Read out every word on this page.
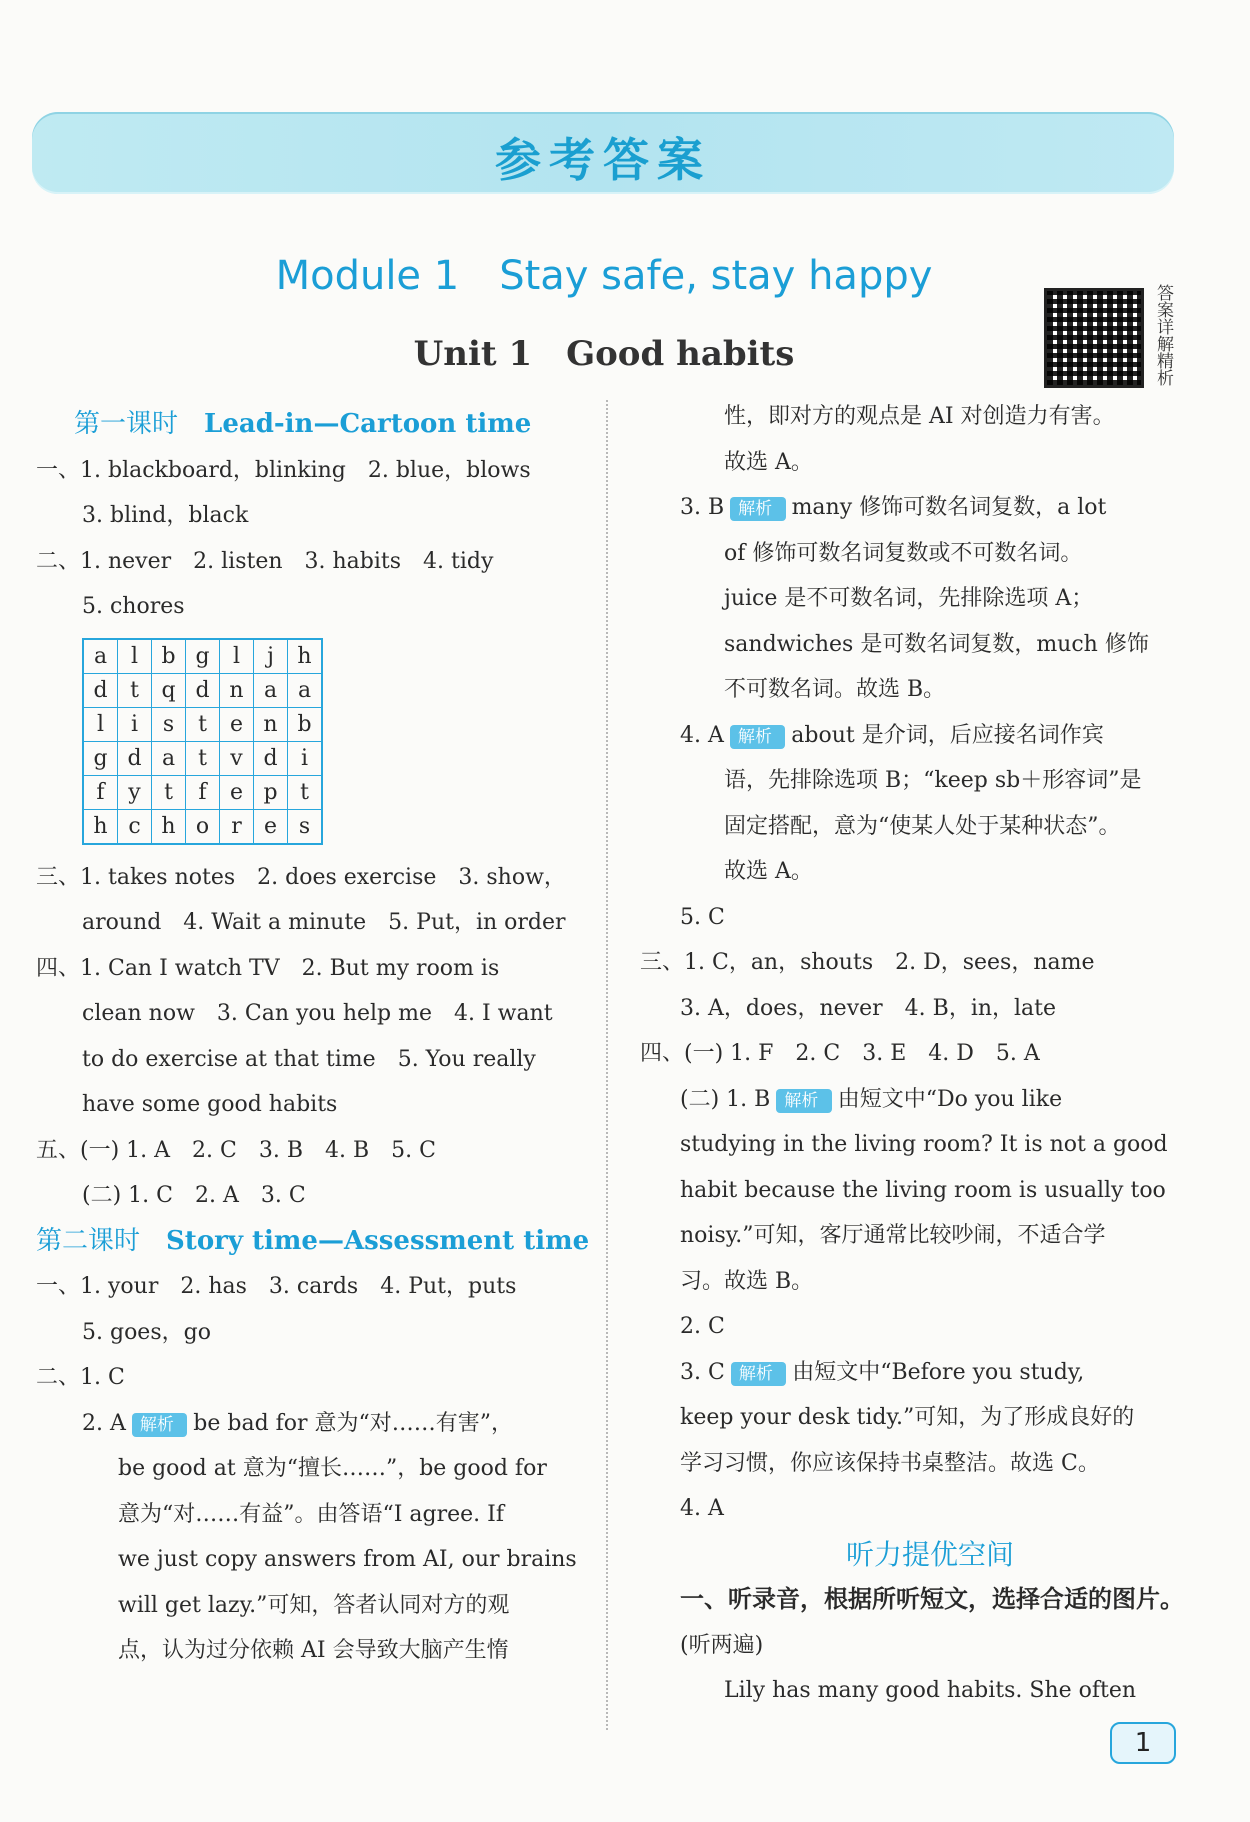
参考答案
Module 1　Stay safe, stay happy
Unit 1　Good habits	答案详解精析
第一课时　 Lead-in—Cartoon time
一、1. blackboard，blinking　2. blue，blows
3. blind，black
二、1. never　2. listen　3. habits　4. tidy
5. chores
a	l	b	g	l	j	h
d	t	q	d	n	a	a
l	i	s	t	e	n	b
g	d	a	t	v	d	i
f	y	t	f	e	p	t
h	c	h	o	r	e	s
三、1. takes notes　2. does exercise　3. show，
around　4. Wait a minute　5. Put，in order
四、1. Can I watch TV　2. But my room is
clean now　3. Can you help me　4. I want
to do exercise at that time　5. You really
have some good habits
五、(一) 1. A　2. C　3. B　4. B　5. C
(二) 1. C　2. A　3. C
第二课时　 Story time—Assessment time
一、1. your　2. has　3. cards　4. Put，puts
5. goes，go
二、1. C
2. A 解析 · be bad for 意为“对……有害”，
be good at 意为“擅长……”，be good for
意为“对……有益”。由答语“I agree. If
we just copy answers from AI, our brains
will get lazy.”可知，答者认同对方的观
点，认为过分依赖 AI 会导致大脑产生惰
性，即对方的观点是 AI 对创造力有害。
故选 A。
3. B 解析 · many 修饰可数名词复数，a lot
of 修饰可数名词复数或不可数名词。
juice 是不可数名词，先排除选项 A；
sandwiches 是可数名词复数，much 修饰
不可数名词。故选 B。
4. A 解析 · about 是介词，后应接名词作宾
语，先排除选项 B；“keep sb＋形容词”是
固定搭配，意为“使某人处于某种状态”。
故选 A。
5. C
三、1. C，an，shouts　2. D，sees，name
3. A，does，never　4. B，in，late
四、(一) 1. F　2. C　3. E　4. D　5. A
(二) 1. B 解析 · 由短文中“Do you like
studying in the living room? It is not a good
habit because the living room is usually too
noisy.”可知，客厅通常比较吵闹，不适合学
习。故选 B。
2. C
3. C 解析 · 由短文中“Before you study,
keep your desk tidy.”可知，为了形成良好的
学习习惯，你应该保持书桌整洁。故选 C。
4. A
听力提优空间
一、听录音，根据所听短文，选择合适的图片。
(听两遍)
Lily has many good habits. She often
1
